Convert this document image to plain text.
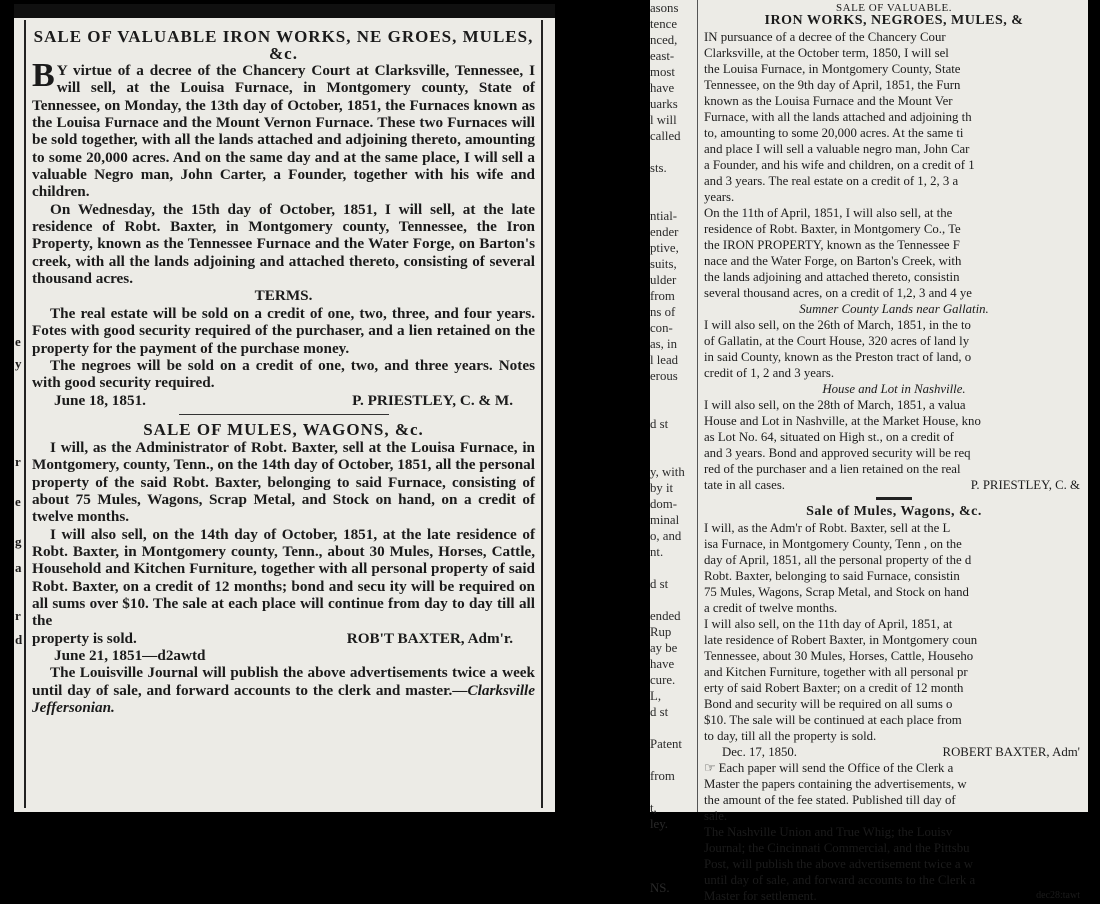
e
y
r
e
g
a
r
d
SALE OF VALUABLE IRON WORKS, NE GROES, MULES, &c.

B Y virtue of a decree of the Chancery Court at Clarksville, Tennessee, I will sell, at the Louisa Furnace, in Montgomery county, State of Tennessee, on Monday, the 13th day of October, 1851, the Furnaces known as the Louisa Furnace and the Mount Vernon Furnace. These two Furnaces will be sold together, with all the lands attached and adjoining thereto, amounting to some 20,000 acres. And on the same day and at the same place, I will sell a valuable Negro man, John Carter, a Founder, together with his wife and children.

On Wednesday, the 15th day of October, 1851, I will sell, at the late residence of Robt. Baxter, in Montgomery county, Tennessee, the Iron Property, known as the Tennessee Furnace and the Water Forge, on Barton's creek, with all the lands adjoining and attached thereto, consisting of several thousand acres.

TERMS.

The real estate will be sold on a credit of one, two, three, and four years. Fotes with good security required of the purchaser, and a lien retained on the property for the payment of the purchase money.

The negroes will be sold on a credit of one, two, and three years. Notes with good security required.

June 18, 1851.	P. PRIESTLEY, C. & M.
SALE OF MULES, WAGONS, &c.

I will, as the Administrator of Robt. Baxter, sell at the Louisa Furnace, in Montgomery, county, Tenn., on the 14th day of October, 1851, all the personal property of the said Robt. Baxter, belonging to said Furnace, consisting of about 75 Mules, Wagons, Scrap Metal, and Stock on hand, on a credit of twelve months.

I will also sell, on the 14th day of October, 1851, at the late residence of Robt. Baxter, in Montgomery county, Tenn., about 30 Mules, Horses, Cattle, Household and Kitchen Furniture, together with all personal property of said Robt. Baxter, on a credit of 12 months; bond and secu ity will be required on all sums over $10. The sale at each place will continue from day to day till all the

property is sold.	ROB'T BAXTER, Adm'r.
June 21, 1851—d2awtd

The Louisville Journal will publish the above advertisements twice a week until day of sale, and forward accounts to the clerk and master.—Clarksville Jeffersonian.

asons
tence
nced,
east-
most
have
uarks
l will
called
sts.
ntial-
ender
ptive,
suits,
ulder
from
ns of
con-
as, in
l lead
erous
d st
y, with
by it
dom-
minal
o, and
nt.
d st
ended
Rup
ay be
have
cure.
L,
d st
Patent
from
t,
ley.
NS.
SALE OF VALUABLE.
IRON WORKS, NEGROES, MULES, &
IN pursuance of a decree of the Chancery Cour
Clarksville, at the October term, 1850, I will sel
the Louisa Furnace, in Montgomery County, State
Tennessee, on the 9th day of April, 1851, the Furn
known as the Louisa Furnace and the Mount Ver
Furnace, with all the lands attached and adjoining th
to, amounting to some 20,000 acres. At the same ti
and place I will sell a valuable negro man, John Car
a Founder, and his wife and children, on a credit of 1
and 3 years. The real estate on a credit of 1, 2, 3 a
years.
On the 11th of April, 1851, I will also sell, at the
residence of Robt. Baxter, in Montgomery Co., Te
the IRON PROPERTY, known as the Tennessee F
nace and the Water Forge, on Barton's Creek, with
the lands adjoining and attached thereto, consistin
several thousand acres, on a credit of 1,2, 3 and 4 ye
Sumner County Lands near Gallatin.
I will also sell, on the 26th of March, 1851, in the to
of Gallatin, at the Court House, 320 acres of land ly
in said County, known as the Preston tract of land, o
credit of 1, 2 and 3 years.
House and Lot in Nashville.
I will also sell, on the 28th of March, 1851, a valua
House and Lot in Nashville, at the Market House, kno
as Lot No. 64, situated on High st., on a credit of
and 3 years. Bond and approved security will be req
red of the purchaser and a lien retained on the real
tate in all cases.	P. PRIESTLEY, C. &
Sale of Mules, Wagons, &c.
I will, as the Adm'r of Robt. Baxter, sell at the L
isa Furnace, in Montgomery County, Tenn , on the
day of April, 1851, all the personal property of the d
Robt. Baxter, belonging to said Furnace, consistin
75 Mules, Wagons, Scrap Metal, and Stock on hand
a credit of twelve months.
I will also sell, on the 11th day of April, 1851, at
late residence of Robert Baxter, in Montgomery coun
Tennessee, about 30 Mules, Horses, Cattle, Househo
and Kitchen Furniture, together with all personal pr
erty of said Robert Baxter; on a credit of 12 month
Bond and security will be required on all sums o
$10. The sale will be continued at each place from
to day, till all the property is sold.
Dec. 17, 1850.	ROBERT BAXTER, Adm'
☞ Each paper will send the Office of the Clerk a
Master the papers containing the advertisements, w
the amount of the fee stated. Published till day of
sale.
The Nashville Union and True Whig; the Louisv
Journal; the Cincinnati Commercial, and the Pittsbu
Post, will publish the above advertisement twice a w
until day of sale, and forward accounts to the Clerk a
Master for settlement.	dec28:tawt
